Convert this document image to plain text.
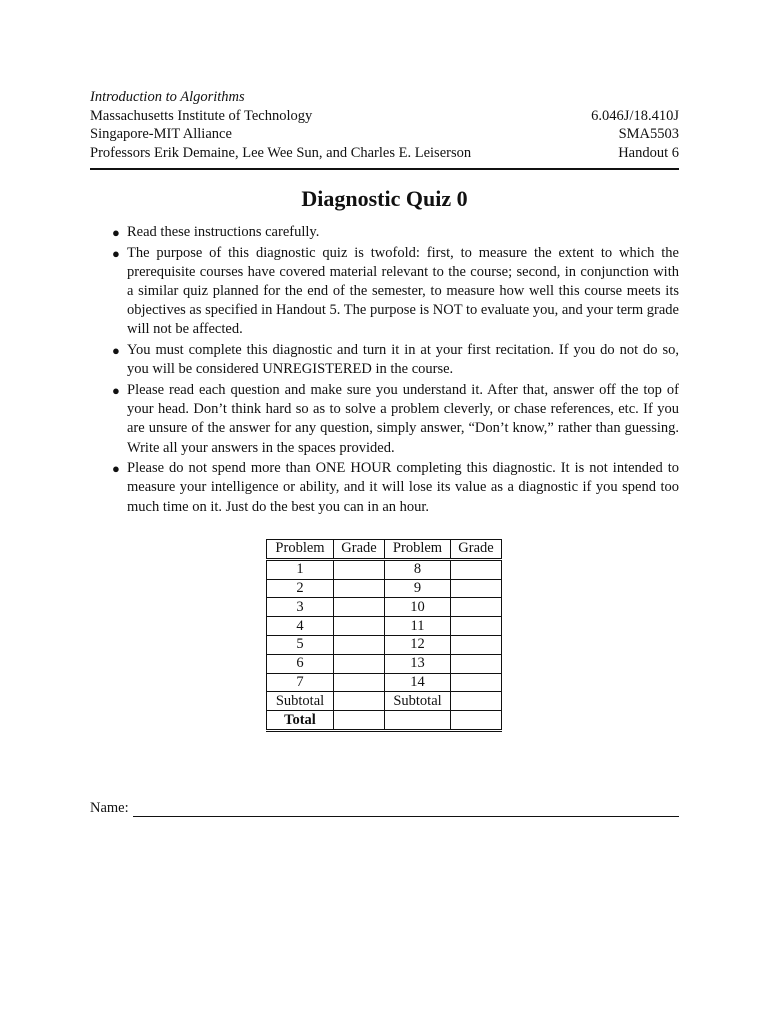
Introduction to Algorithms
Massachusetts Institute of Technology	6.046J/18.410J
Singapore-MIT Alliance	SMA5503
Professors Erik Demaine, Lee Wee Sun, and Charles E. Leiserson	Handout 6
Diagnostic Quiz 0
● Read these instructions carefully.
● The purpose of this diagnostic quiz is twofold: first, to measure the extent to which the prerequisite courses have covered material relevant to the course; second, in conjunction with a similar quiz planned for the end of the semester, to measure how well this course meets its objectives as specified in Handout 5. The purpose is NOT to evaluate you, and your term grade will not be affected.
● You must complete this diagnostic and turn it in at your first recitation. If you do not do so, you will be considered UNREGISTERED in the course.
● Please read each question and make sure you understand it. After that, answer off the top of your head. Don’t think hard so as to solve a problem cleverly, or chase references, etc. If you are unsure of the answer for any question, simply answer, “Don’t know,” rather than guessing. Write all your answers in the spaces provided.
● Please do not spend more than ONE HOUR completing this diagnostic. It is not intended to measure your intelligence or ability, and it will lose its value as a diagnostic if you spend too much time on it. Just do the best you can in an hour.
Problem	Grade	Problem	Grade
1		8	
2		9	
3		10	
4		11	
5		12	
6		13	
7		14	
Subtotal		Subtotal	
Total			
Name:
